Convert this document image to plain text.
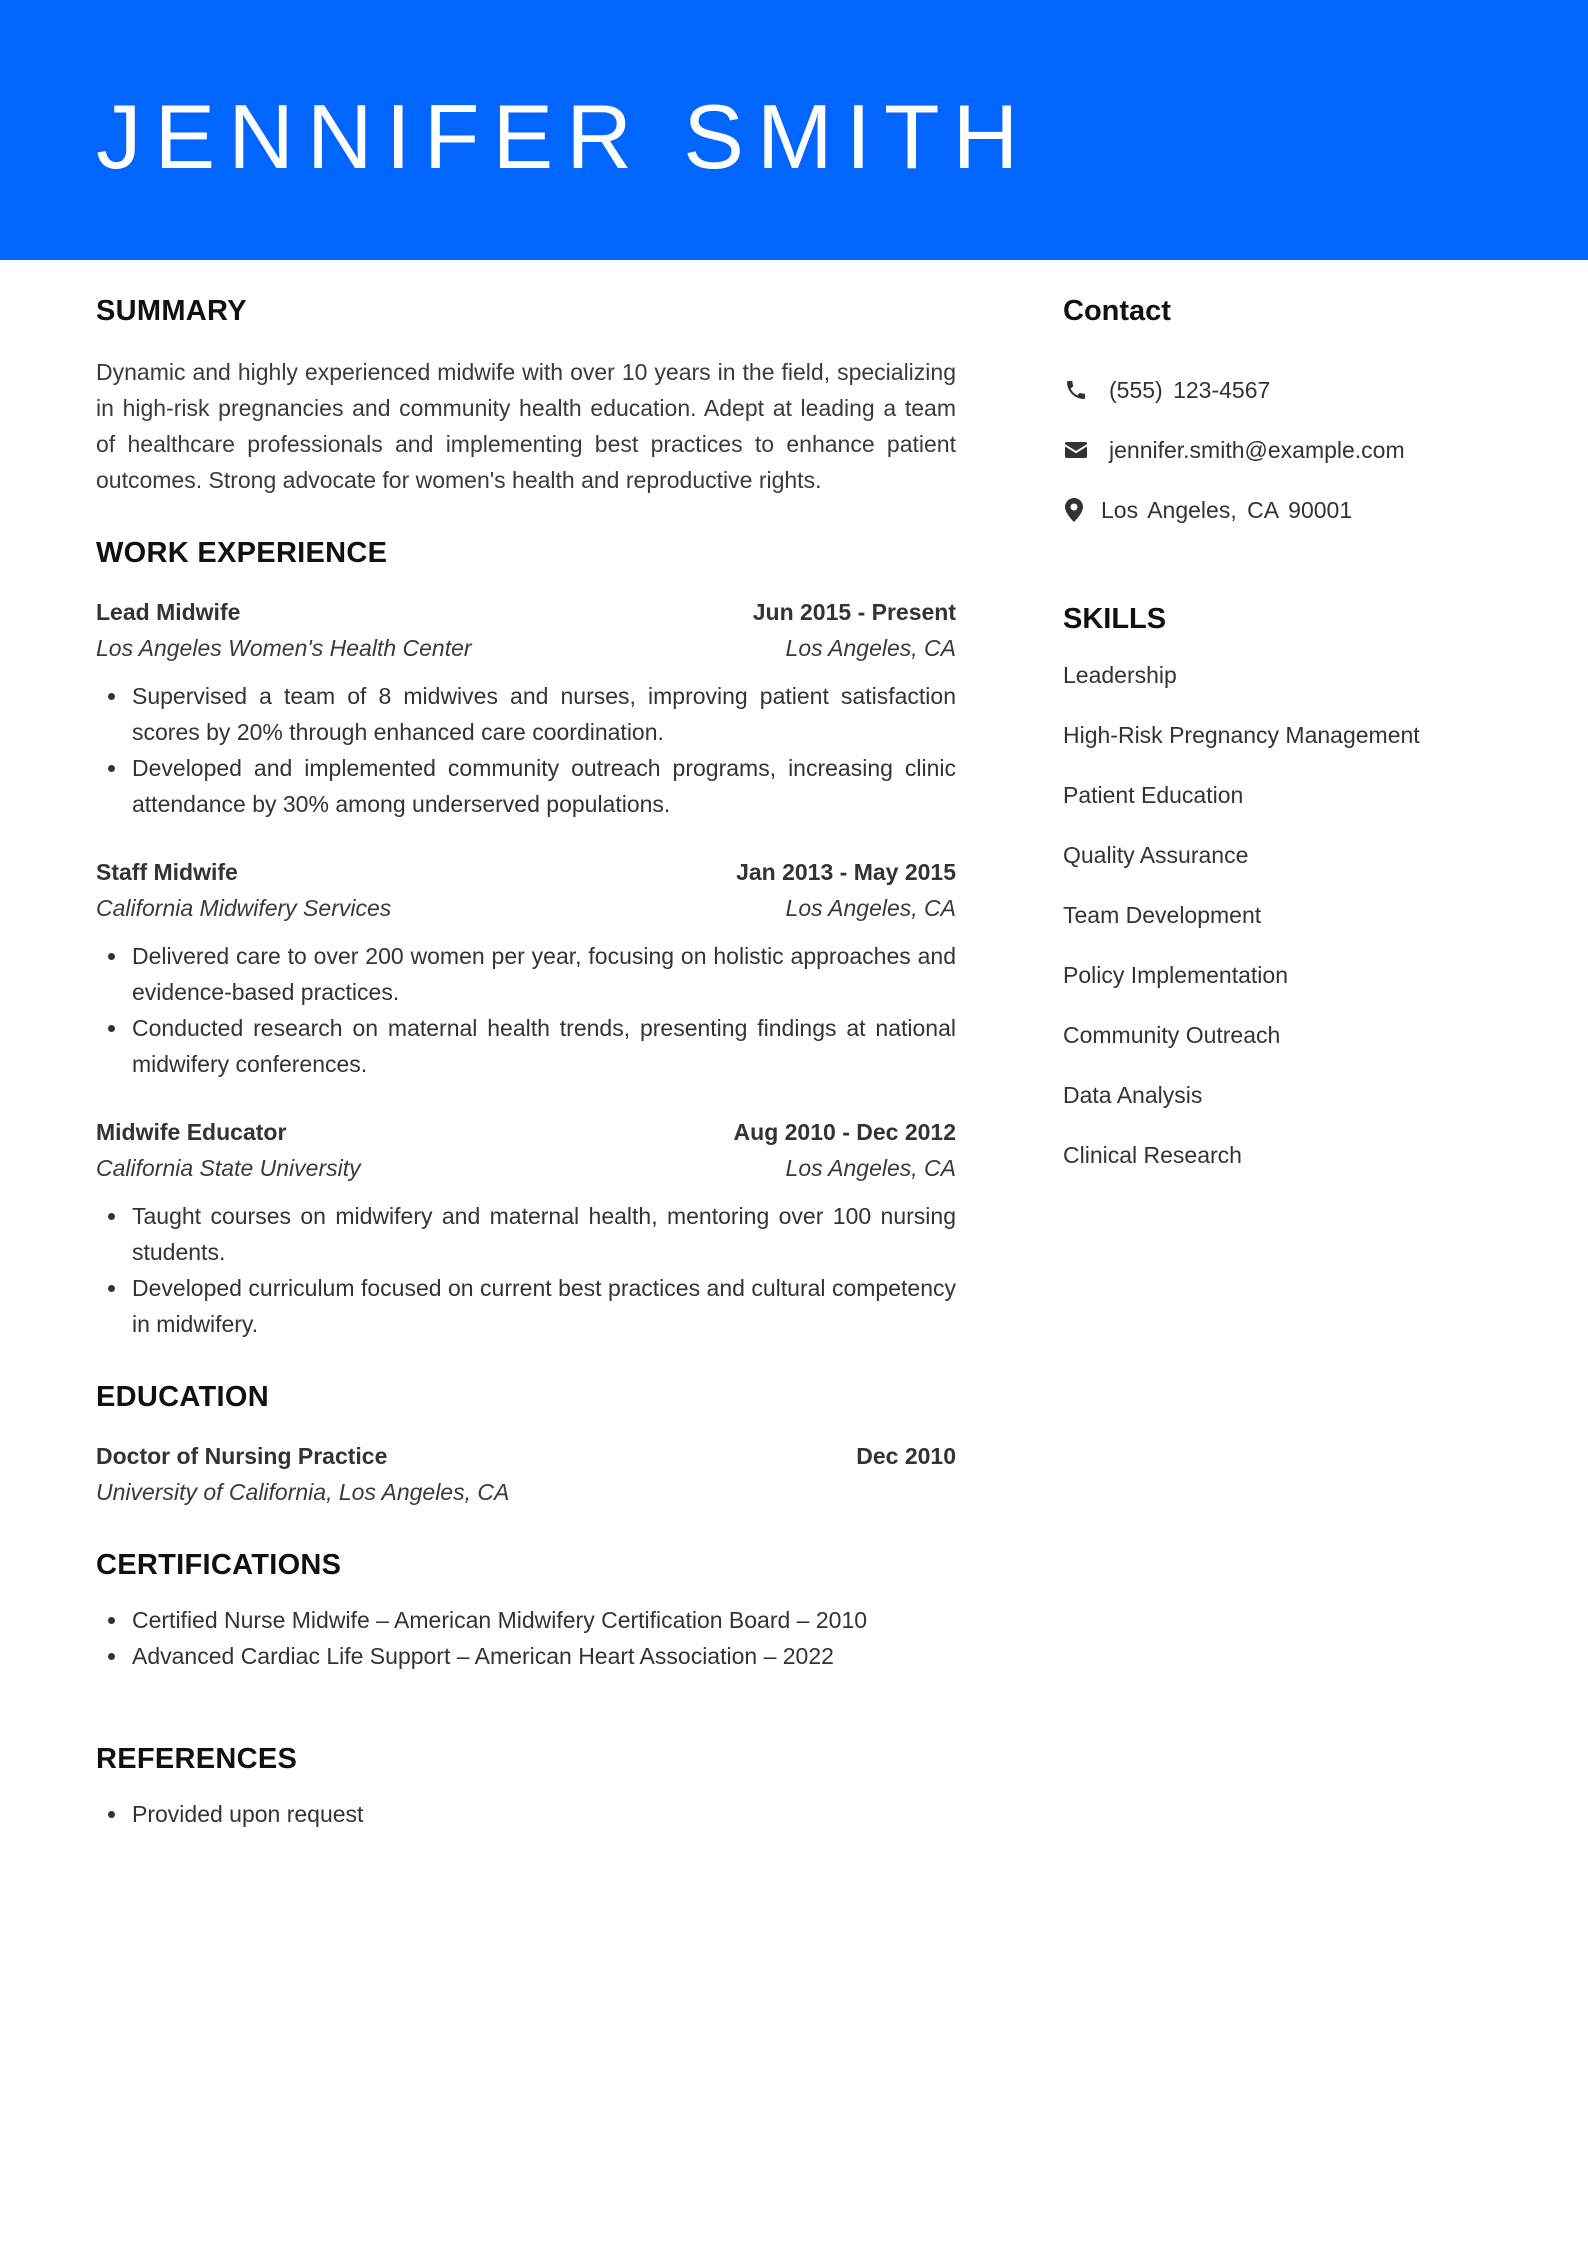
JENNIFER SMITH
SUMMARY
Dynamic and highly experienced midwife with over 10 years in the field, specializing in high-risk pregnancies and community health education. Adept at leading a team of healthcare professionals and implementing best practices to enhance patient outcomes. Strong advocate for women's health and reproductive rights.
WORK EXPERIENCE
Lead Midwife	Jun 2015 - Present
Los Angeles Women's Health Center	Los Angeles, CA
Supervised a team of 8 midwives and nurses, improving patient satisfaction scores by 20% through enhanced care coordination.
Developed and implemented community outreach programs, increasing clinic attendance by 30% among underserved populations.
Staff Midwife	Jan 2013 - May 2015
California Midwifery Services	Los Angeles, CA
Delivered care to over 200 women per year, focusing on holistic approaches and evidence-based practices.
Conducted research on maternal health trends, presenting findings at national midwifery conferences.
Midwife Educator	Aug 2010 - Dec 2012
California State University	Los Angeles, CA
Taught courses on midwifery and maternal health, mentoring over 100 nursing students.
Developed curriculum focused on current best practices and cultural competency in midwifery.
EDUCATION
Doctor of Nursing Practice	Dec 2010
University of California, Los Angeles, CA
CERTIFICATIONS
Certified Nurse Midwife – American Midwifery Certification Board – 2010
Advanced Cardiac Life Support – American Heart Association – 2022
REFERENCES
Provided upon request
Contact
(555) 123-4567
jennifer.smith@example.com
Los Angeles, CA 90001
SKILLS
Leadership
High-Risk Pregnancy Management
Patient Education
Quality Assurance
Team Development
Policy Implementation
Community Outreach
Data Analysis
Clinical Research
